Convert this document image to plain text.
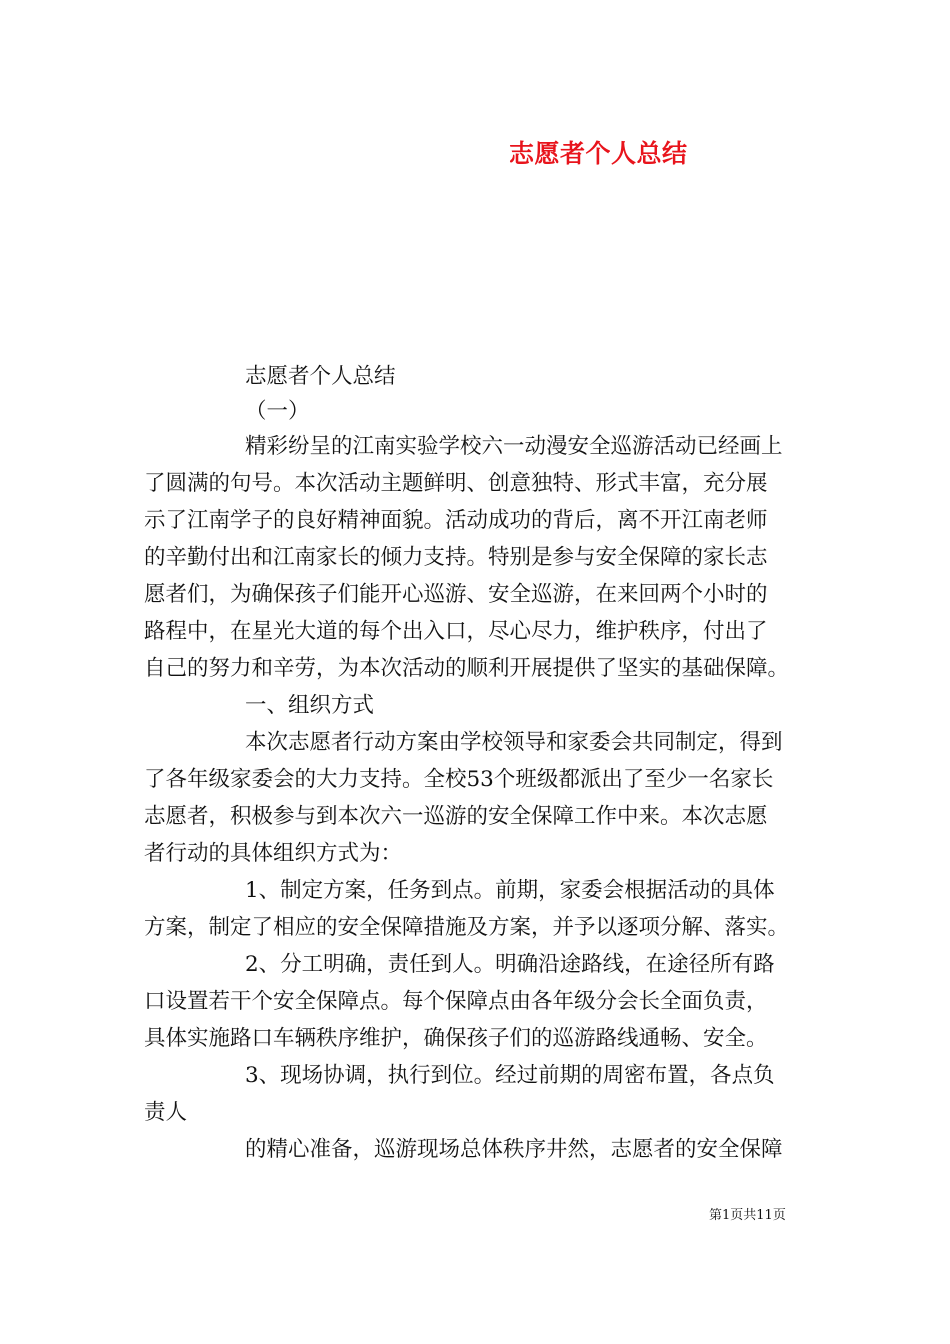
志愿者个人总结
志愿者个人总结
（一）
精彩纷呈的江南实验学校六一动漫安全巡游活动已经画上
了圆满的句号。本次活动主题鲜明、创意独特、形式丰富，充分展
示了江南学子的良好精神面貌。活动成功的背后，离不开江南老师
的辛勤付出和江南家长的倾力支持。特别是参与安全保障的家长志
愿者们，为确保孩子们能开心巡游、安全巡游，在来回两个小时的
路程中，在星光大道的每个出入口，尽心尽力，维护秩序，付出了
自己的努力和辛劳，为本次活动的顺利开展提供了坚实的基础保障。
一、组织方式
本次志愿者行动方案由学校领导和家委会共同制定，得到
了各年级家委会的大力支持。全校53个班级都派出了至少一名家长
志愿者，积极参与到本次六一巡游的安全保障工作中来。本次志愿
者行动的具体组织方式为：
1、制定方案，任务到点。前期，家委会根据活动的具体
方案，制定了相应的安全保障措施及方案，并予以逐项分解、落实。
2、分工明确，责任到人。明确沿途路线，在途径所有路
口设置若干个安全保障点。每个保障点由各年级分会长全面负责，
具体实施路口车辆秩序维护，确保孩子们的巡游路线通畅、安全。
3、现场协调，执行到位。经过前期的周密布置，各点负
责人
的精心准备，巡游现场总体秩序井然，志愿者的安全保障
第1页共11页
